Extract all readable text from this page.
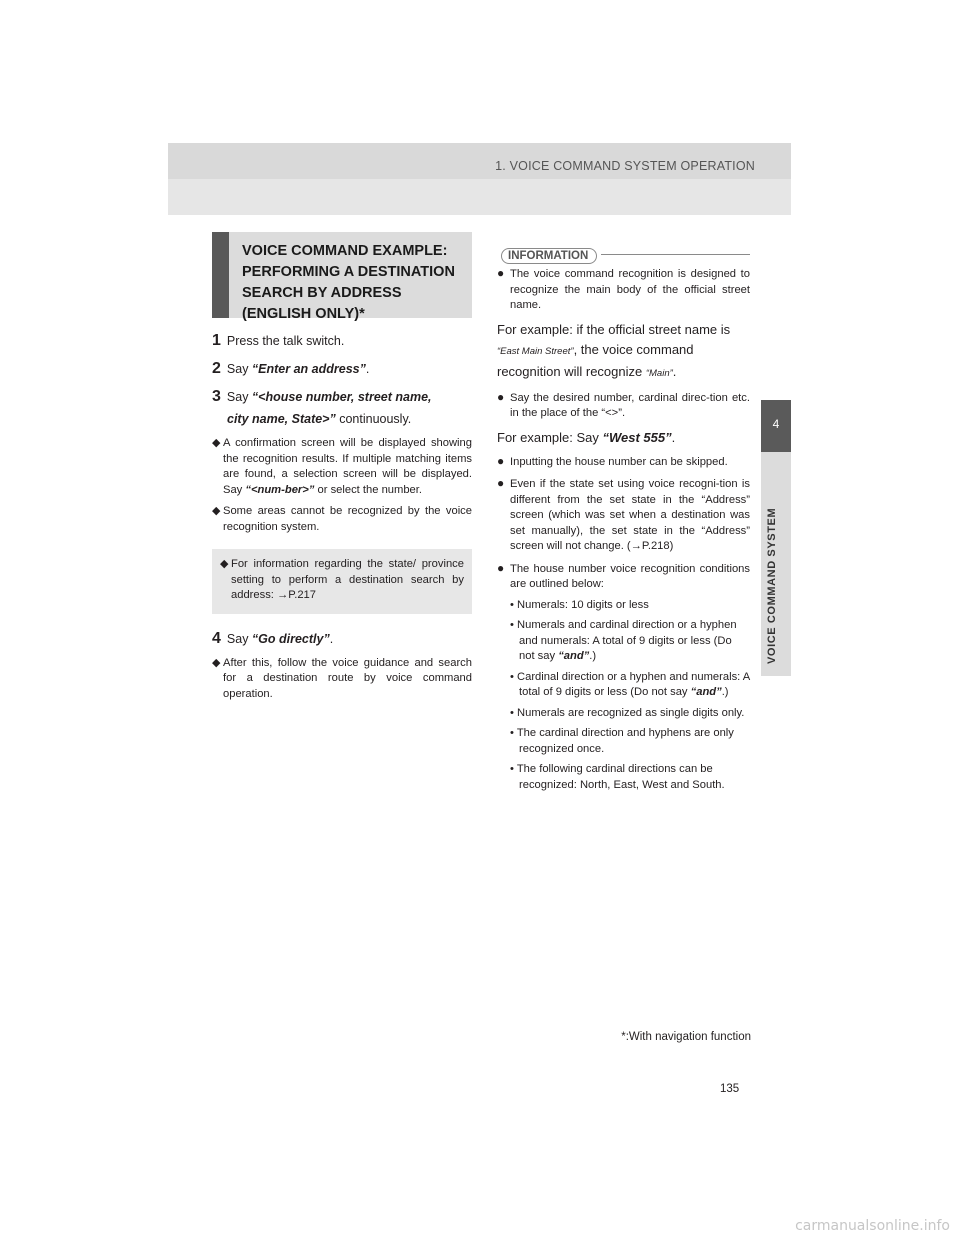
1. VOICE COMMAND SYSTEM OPERATION
4
VOICE COMMAND SYSTEM
VOICE COMMAND EXAMPLE: PERFORMING A DESTINATION SEARCH BY ADDRESS (ENGLISH ONLY)*
1 Press the talk switch.
2 Say “Enter an address”.
3 Say “<house number, street name,
city name, State>” continuously.
◆ A confirmation screen will be displayed showing the recognition results. If multiple matching items are found, a selection screen will be displayed. Say “<num-ber>” or select the number.
◆ Some areas cannot be recognized by the voice recognition system.
◆ For information regarding the state/ province setting to perform a destination search by address: →P.217
4 Say “Go directly”.
◆ After this, follow the voice guidance and search for a destination route by voice command operation.
INFORMATION
● The voice command recognition is designed to recognize the main body of the official street name.
For example: if the official street name is “East Main Street”, the voice command recognition will recognize “Main”.
● Say the desired number, cardinal direc-tion etc. in the place of the “<>”.
For example: Say “West 555”.
● Inputting the house number can be skipped.
● Even if the state set using voice recogni-tion is different from the set state in the “Address” screen (which was set when a destination was set manually), the set state in the “Address” screen will not change. (→P.218)
● The house number voice recognition conditions are outlined below:
• Numerals: 10 digits or less
• Numerals and cardinal direction or a hyphen and numerals: A total of 9 digits or less (Do not say “and”.)
• Cardinal direction or a hyphen and numerals: A total of 9 digits or less (Do not say “and”.)
• Numerals are recognized as single digits only.
• The cardinal direction and hyphens are only recognized once.
• The following cardinal directions can be recognized: North, East, West and South.
*:With navigation function
135
carmanualsonline.info
